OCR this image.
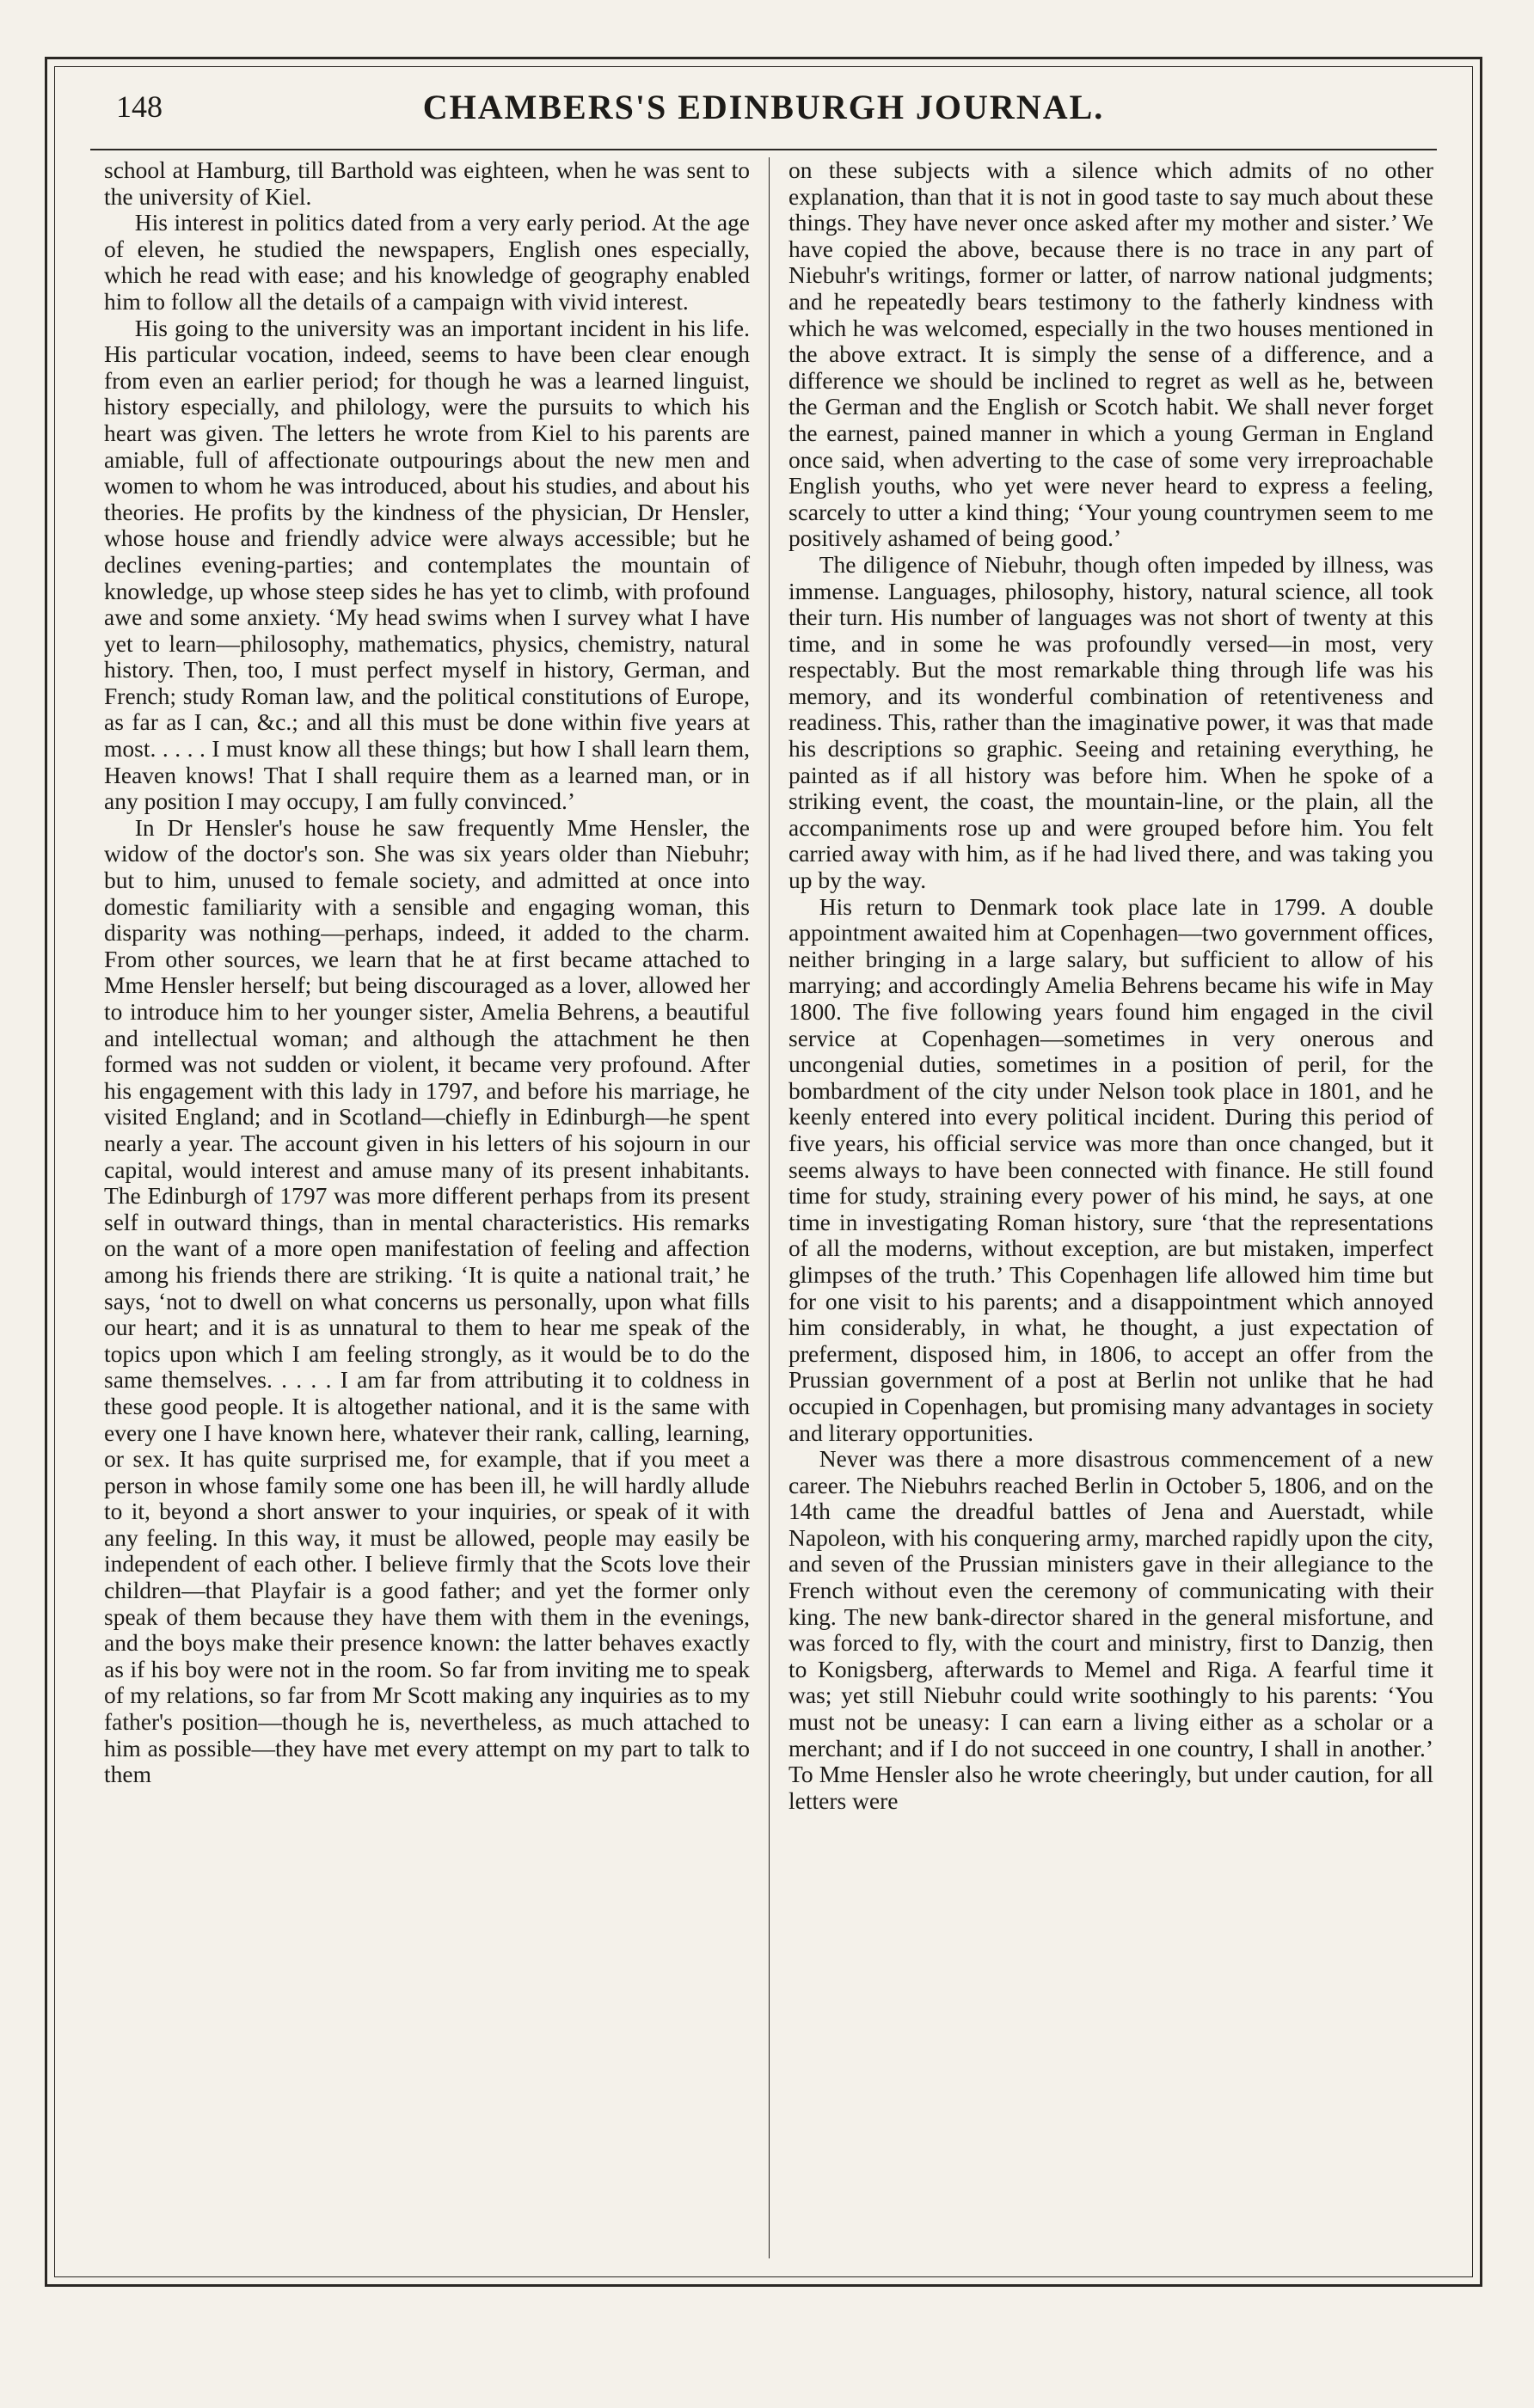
148	CHAMBERS'S EDINBURGH JOURNAL.

school at Hamburg, till Barthold was eighteen, when he was sent to the university of Kiel.

His interest in politics dated from a very early period. At the age of eleven, he studied the newspapers, English ones especially, which he read with ease; and his knowledge of geography enabled him to follow all the details of a campaign with vivid interest.

His going to the university was an important incident in his life. His particular vocation, indeed, seems to have been clear enough from even an earlier period; for though he was a learned linguist, history especially, and philology, were the pursuits to which his heart was given. The letters he wrote from Kiel to his parents are amiable, full of affectionate outpourings about the new men and women to whom he was introduced, about his studies, and about his theories. He profits by the kindness of the physician, Dr Hensler, whose house and friendly advice were always accessible; but he declines evening-parties; and contemplates the mountain of knowledge, up whose steep sides he has yet to climb, with profound awe and some anxiety. ‘My head swims when I survey what I have yet to learn—philosophy, mathematics, physics, chemistry, natural history. Then, too, I must perfect myself in history, German, and French; study Roman law, and the political constitutions of Europe, as far as I can, &c.; and all this must be done within five years at most. . . . . I must know all these things; but how I shall learn them, Heaven knows! That I shall require them as a learned man, or in any position I may occupy, I am fully convinced.’

In Dr Hensler's house he saw frequently Mme Hensler, the widow of the doctor's son. She was six years older than Niebuhr; but to him, unused to female society, and admitted at once into domestic familiarity with a sensible and engaging woman, this disparity was nothing—perhaps, indeed, it added to the charm. From other sources, we learn that he at first became attached to Mme Hensler herself; but being discouraged as a lover, allowed her to introduce him to her younger sister, Amelia Behrens, a beautiful and intellectual woman; and although the attachment he then formed was not sudden or violent, it became very profound. After his engagement with this lady in 1797, and before his marriage, he visited England; and in Scotland—chiefly in Edinburgh—he spent nearly a year. The account given in his letters of his sojourn in our capital, would interest and amuse many of its present inhabitants. The Edinburgh of 1797 was more different perhaps from its present self in outward things, than in mental characteristics. His remarks on the want of a more open manifestation of feeling and affection among his friends there are striking. ‘It is quite a national trait,’ he says, ‘not to dwell on what concerns us personally, upon what fills our heart; and it is as unnatural to them to hear me speak of the topics upon which I am feeling strongly, as it would be to do the same themselves. . . . . I am far from attributing it to coldness in these good people. It is altogether national, and it is the same with every one I have known here, whatever their rank, calling, learning, or sex. It has quite surprised me, for example, that if you meet a person in whose family some one has been ill, he will hardly allude to it, beyond a short answer to your inquiries, or speak of it with any feeling. In this way, it must be allowed, people may easily be independent of each other. I believe firmly that the Scots love their children—that Playfair is a good father; and yet the former only speak of them because they have them with them in the evenings, and the boys make their presence known: the latter behaves exactly as if his boy were not in the room. So far from inviting me to speak of my relations, so far from Mr Scott making any inquiries as to my father's position—though he is, nevertheless, as much attached to him as possible—they have met every attempt on my part to talk to them

on these subjects with a silence which admits of no other explanation, than that it is not in good taste to say much about these things. They have never once asked after my mother and sister.’ We have copied the above, because there is no trace in any part of Niebuhr's writings, former or latter, of narrow national judgments; and he repeatedly bears testimony to the fatherly kindness with which he was welcomed, especially in the two houses mentioned in the above extract. It is simply the sense of a difference, and a difference we should be inclined to regret as well as he, between the German and the English or Scotch habit. We shall never forget the earnest, pained manner in which a young German in England once said, when adverting to the case of some very irreproachable English youths, who yet were never heard to express a feeling, scarcely to utter a kind thing; ‘Your young countrymen seem to me positively ashamed of being good.’

The diligence of Niebuhr, though often impeded by illness, was immense. Languages, philosophy, history, natural science, all took their turn. His number of languages was not short of twenty at this time, and in some he was profoundly versed—in most, very respectably. But the most remarkable thing through life was his memory, and its wonderful combination of retentiveness and readiness. This, rather than the imaginative power, it was that made his descriptions so graphic. Seeing and retaining everything, he painted as if all history was before him. When he spoke of a striking event, the coast, the mountain-line, or the plain, all the accompaniments rose up and were grouped before him. You felt carried away with him, as if he had lived there, and was taking you up by the way.

His return to Denmark took place late in 1799. A double appointment awaited him at Copenhagen—two government offices, neither bringing in a large salary, but sufficient to allow of his marrying; and accordingly Amelia Behrens became his wife in May 1800. The five following years found him engaged in the civil service at Copenhagen—sometimes in very onerous and uncongenial duties, sometimes in a position of peril, for the bombardment of the city under Nelson took place in 1801, and he keenly entered into every political incident. During this period of five years, his official service was more than once changed, but it seems always to have been connected with finance. He still found time for study, straining every power of his mind, he says, at one time in investigating Roman history, sure ‘that the representations of all the moderns, without exception, are but mistaken, imperfect glimpses of the truth.’ This Copenhagen life allowed him time but for one visit to his parents; and a disappointment which annoyed him considerably, in what, he thought, a just expectation of preferment, disposed him, in 1806, to accept an offer from the Prussian government of a post at Berlin not unlike that he had occupied in Copenhagen, but promising many advantages in society and literary opportunities.

Never was there a more disastrous commencement of a new career. The Niebuhrs reached Berlin in October 5, 1806, and on the 14th came the dreadful battles of Jena and Auerstadt, while Napoleon, with his conquering army, marched rapidly upon the city, and seven of the Prussian ministers gave in their allegiance to the French without even the ceremony of communicating with their king. The new bank-director shared in the general misfortune, and was forced to fly, with the court and ministry, first to Danzig, then to Konigsberg, afterwards to Memel and Riga. A fearful time it was; yet still Niebuhr could write soothingly to his parents: ‘You must not be uneasy: I can earn a living either as a scholar or a merchant; and if I do not succeed in one country, I shall in another.’ To Mme Hensler also he wrote cheeringly, but under caution, for all letters were
